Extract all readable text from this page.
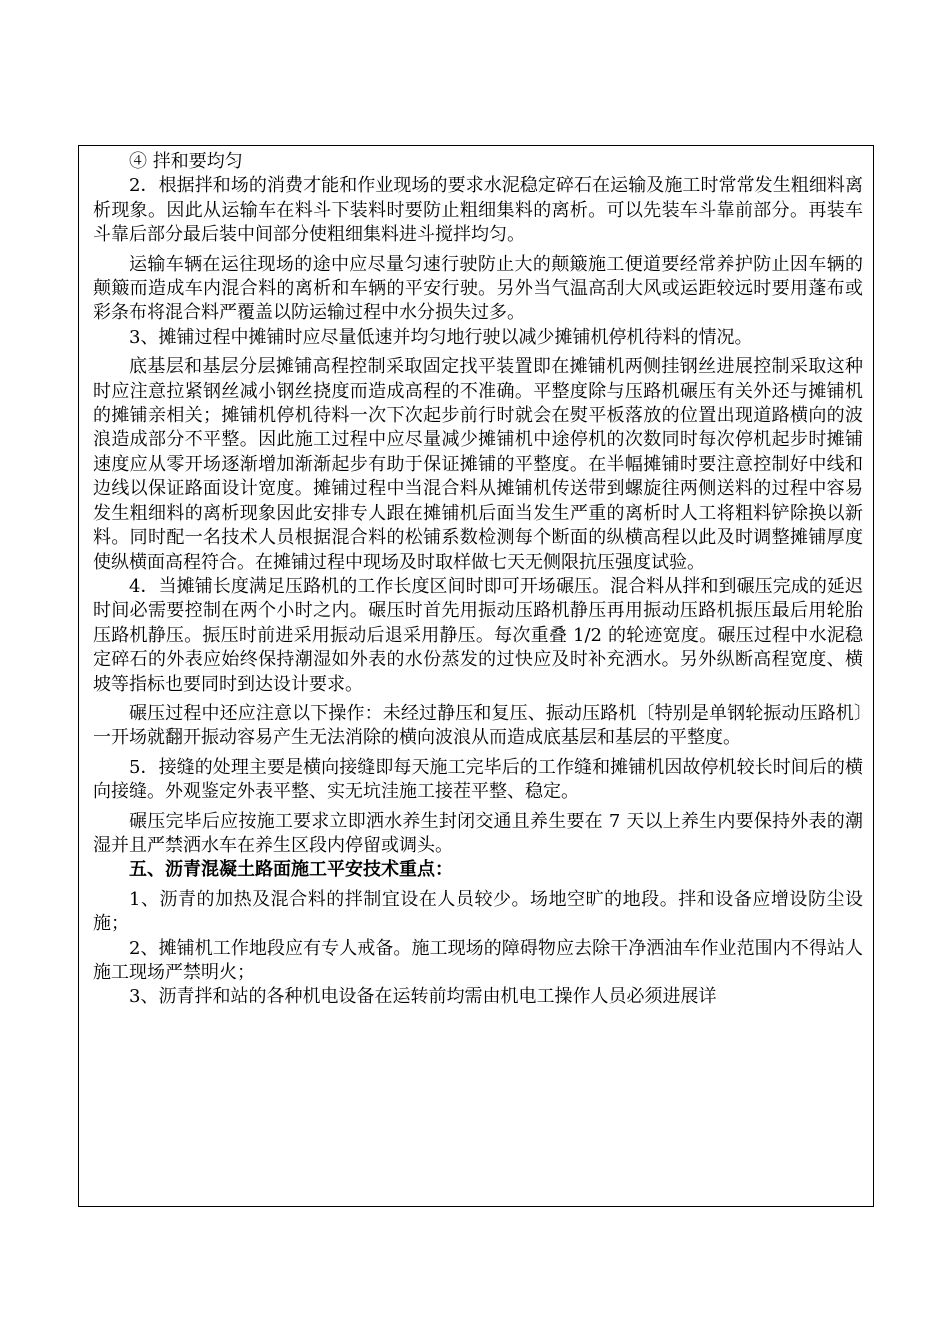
④ 拌和要均匀

2．根据拌和场的消费才能和作业现场的要求水泥稳定碎石在运输及施工时常常发生粗细料离析现象。因此从运输车在料斗下装料时要防止粗细集料的离析。可以先装车斗靠前部分。再装车斗靠后部分最后装中间部分使粗细集料进斗搅拌均匀。

运输车辆在运往现场的途中应尽量匀速行驶防止大的颠簸施工便道要经常养护防止因车辆的颠簸而造成车内混合料的离析和车辆的平安行驶。另外当气温高刮大风或运距较远时要用蓬布或彩条布将混合料严覆盖以防运输过程中水分损失过多。

3、摊铺过程中摊铺时应尽量低速并均匀地行驶以减少摊铺机停机待料的情况。

底基层和基层分层摊铺高程控制采取固定找平装置即在摊铺机两侧挂钢丝进展控制采取这种时应注意拉紧钢丝减小钢丝挠度而造成高程的不准确。平整度除与压路机碾压有关外还与摊铺机的摊铺亲相关；摊铺机停机待料一次下次起步前行时就会在熨平板落放的位置出现道路横向的波浪造成部分不平整。因此施工过程中应尽量减少摊铺机中途停机的次数同时每次停机起步时摊铺速度应从零开场逐渐增加渐渐起步有助于保证摊铺的平整度。在半幅摊铺时要注意控制好中线和边线以保证路面设计宽度。摊铺过程中当混合料从摊铺机传送带到螺旋往两侧送料的过程中容易发生粗细料的离析现象因此安排专人跟在摊铺机后面当发生严重的离析时人工将粗料铲除换以新料。同时配一名技术人员根据混合料的松铺系数检测每个断面的纵横高程以此及时调整摊铺厚度使纵横面高程符合。在摊铺过程中现场及时取样做七天无侧限抗压强度试验。

4．当摊铺长度满足压路机的工作长度区间时即可开场碾压。混合料从拌和到碾压完成的延迟时间必需要控制在两个小时之内。碾压时首先用振动压路机静压再用振动压路机振压最后用轮胎压路机静压。振压时前进采用振动后退采用静压。每次重叠 1/2 的轮迹宽度。碾压过程中水泥稳定碎石的外表应始终保持潮湿如外表的水份蒸发的过快应及时补充洒水。另外纵断高程宽度、横坡等指标也要同时到达设计要求。

碾压过程中还应注意以下操作：未经过静压和复压、振动压路机〔特别是单钢轮振动压路机〕一开场就翻开振动容易产生无法消除的横向波浪从而造成底基层和基层的平整度。

5．接缝的处理主要是横向接缝即每天施工完毕后的工作缝和摊铺机因故停机较长时间后的横向接缝。外观鉴定外表平整、实无坑洼施工接茬平整、稳定。

碾压完毕后应按施工要求立即洒水养生封闭交通且养生要在 7 天以上养生内要保持外表的潮湿并且严禁洒水车在养生区段内停留或调头。

五、沥青混凝土路面施工平安技术重点：

1、沥青的加热及混合料的拌制宜设在人员较少。场地空旷的地段。拌和设备应增设防尘设施；

2、摊铺机工作地段应有专人戒备。施工现场的障碍物应去除干净洒油车作业范围内不得站人施工现场严禁明火；

3、沥青拌和站的各种机电设备在运转前均需由机电工操作人员必须进展详
